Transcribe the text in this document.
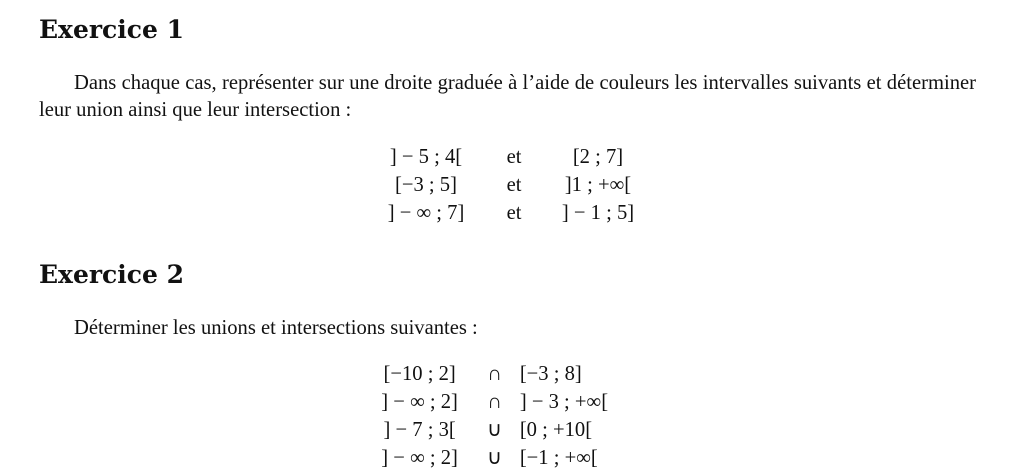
Exercice 1

Dans chaque cas, représenter sur une droite graduée à l’aide de couleurs les intervalles suivants et déterminer leur union ainsi que leur intersection :

] − 5 ; 4[	et	[2 ; 7]
[−3 ; 5]	et	]1 ; +∞[
] − ∞ ; 7]	et	] − 1 ; 5]
Exercice 2

Déterminer les unions et intersections suivantes :

[−10 ; 2]	∩	[−3 ; 8]
] − ∞ ; 2]	∩	] − 3 ; +∞[
] − 7 ; 3[	∪	[0 ; +10[
] − ∞ ; 2]	∪	[−1 ; +∞[
